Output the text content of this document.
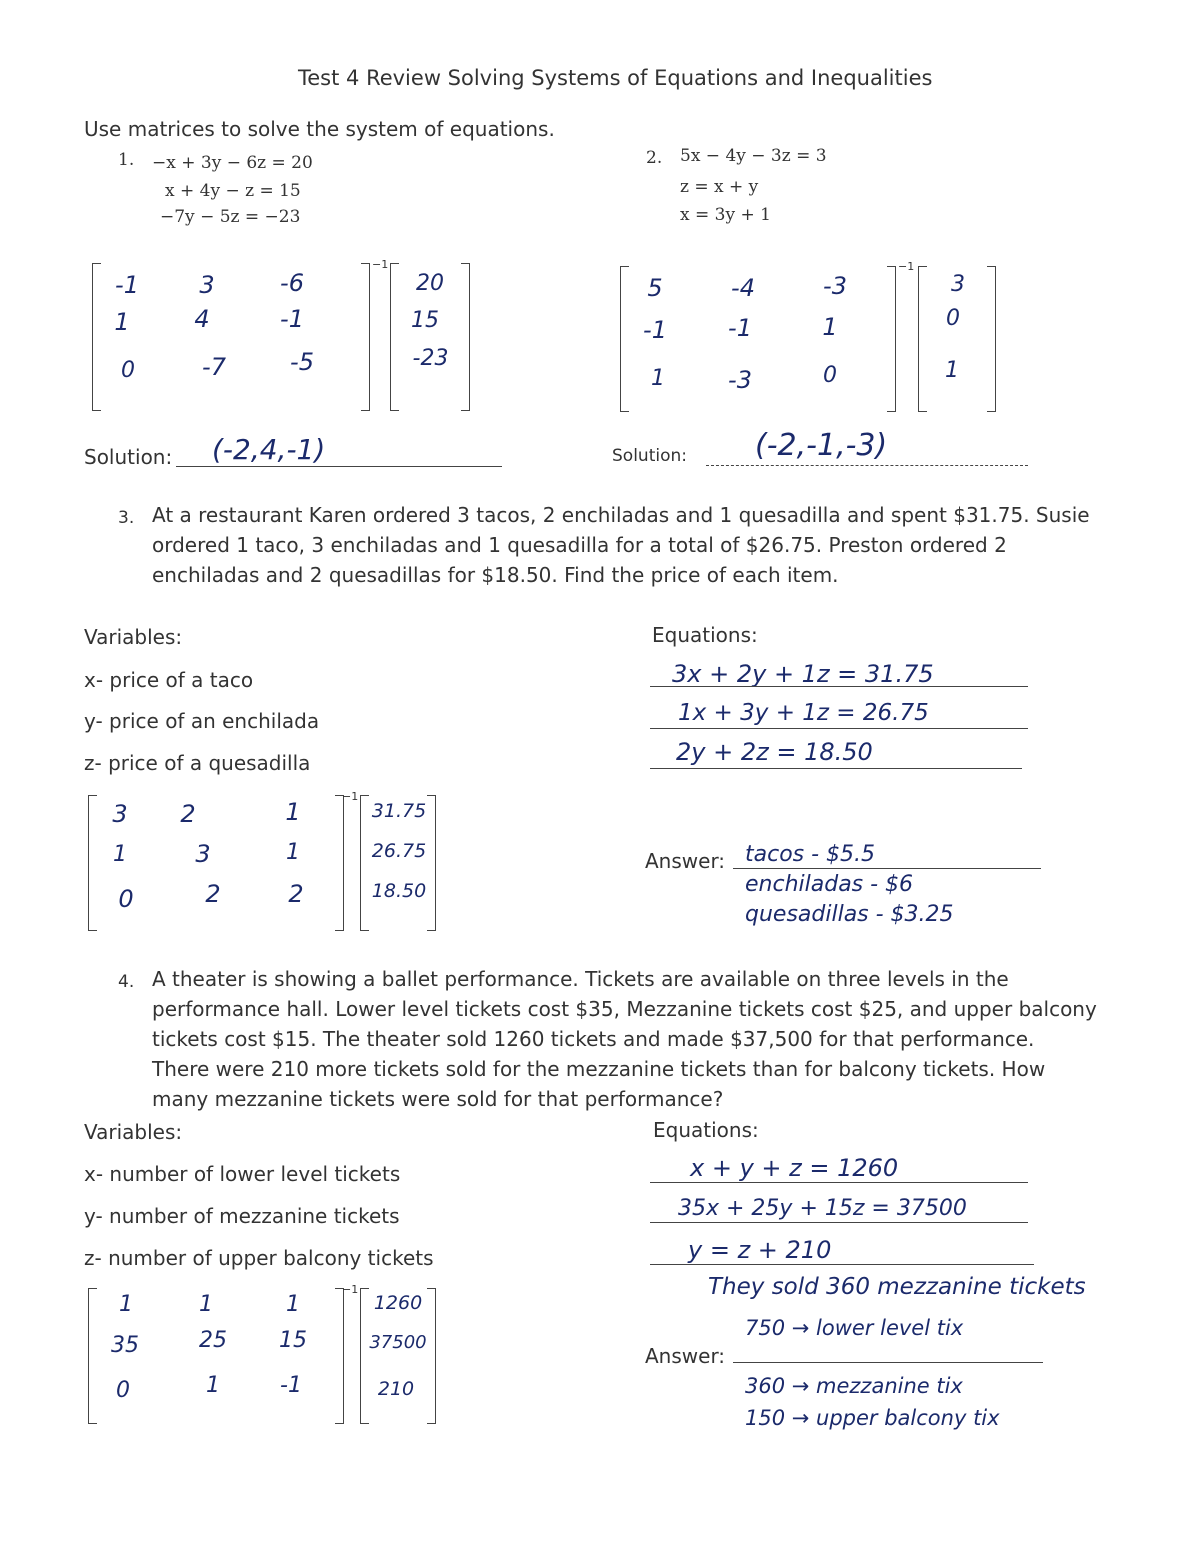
Test 4 Review Solving Systems of Equations and Inequalities
Use matrices to solve the system of equations.
1. −x + 3y − 6z = 20
x + 4y − z = 15
−7y − 5z = −23
-1	3	-6
1	4	-1
0	-7	-5
−1
20
15
-23
Solution: (-2,4,-1)
2. 5x − 4y − 3z = 3
z = x + y
x = 3y + 1
5	-4	-3
-1	-1	1
1	-3	0
−1
3
0
1
Solution: (-2,-1,-3)
3. At a restaurant Karen ordered 3 tacos, 2 enchiladas and 1 quesadilla and spent $31.75. Susie
ordered 1 taco, 3 enchiladas and 1 quesadilla for a total of $26.75. Preston ordered 2
enchiladas and 2 quesadillas for $18.50. Find the price of each item.
Variables:
x- price of a taco
y- price of an enchilada
z- price of a quesadilla
Equations:
3x + 2y + 1z = 31.75
1x + 3y + 1z = 26.75
2y + 2z = 18.50
3	2	1
1	3	1
0	2	2
−1
31.75
26.75
18.50
Answer: tacos - $5.5
enchiladas - $6
quesadillas - $3.25
4. A theater is showing a ballet performance. Tickets are available on three levels in the
performance hall. Lower level tickets cost $35, Mezzanine tickets cost $25, and upper balcony
tickets cost $15. The theater sold 1260 tickets and made $37,500 for that performance.
There were 210 more tickets sold for the mezzanine tickets than for balcony tickets. How
many mezzanine tickets were sold for that performance?
Variables:
x- number of lower level tickets
y- number of mezzanine tickets
z- number of upper balcony tickets
Equations:
x + y + z = 1260
35x + 25y + 15z = 37500
y = z + 210
1	1	1
35	25	15
0	1	-1
−1
1260
37500
210
They sold 360 mezzanine tickets
Answer:
750 → lower level tix
360 → mezzanine tix
150 → upper balcony tix
